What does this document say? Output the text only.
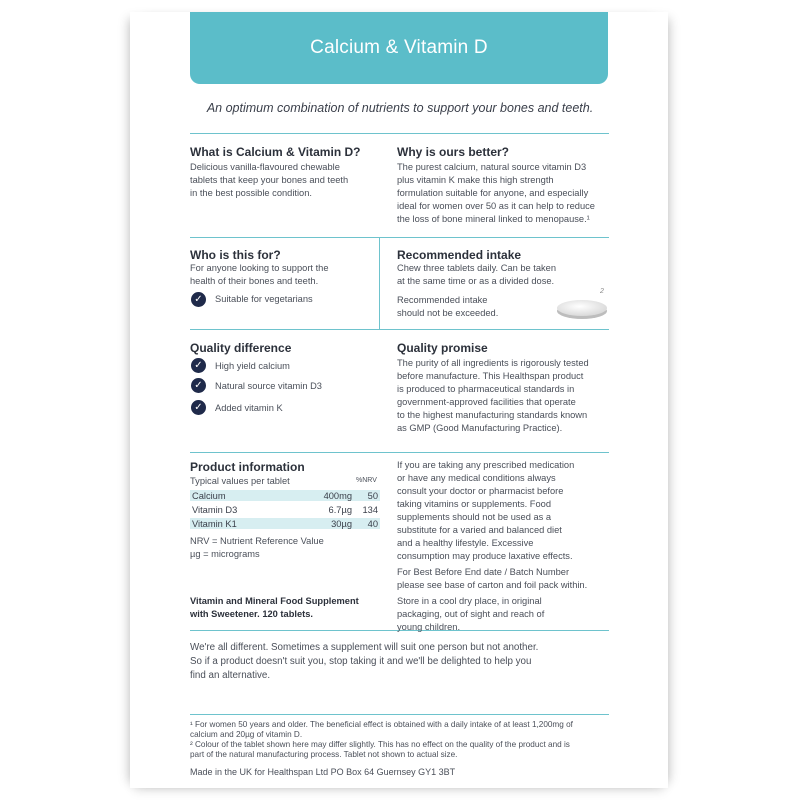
Calcium & Vitamin D
An optimum combination of nutrients to support your bones and teeth.
What is Calcium & Vitamin D?
Delicious vanilla-flavoured chewable
tablets that keep your bones and teeth
in the best possible condition.
Why is ours better?
The purest calcium, natural source vitamin D3
plus vitamin K make this high strength
formulation suitable for anyone, and especially
ideal for women over 50 as it can help to reduce
the loss of bone mineral linked to menopause.¹
Who is this for?
For anyone looking to support the
health of their bones and teeth.
✓	Suitable for vegetarians
Recommended intake
Chew three tablets daily. Can be taken
at the same time or as a divided dose.
Recommended intake
should not be exceeded.
2
Quality difference
✓	High yield calcium
✓	Natural source vitamin D3
✓	Added vitamin K
Quality promise
The purity of all ingredients is rigorously tested
before manufacture. This Healthspan product
is produced to pharmaceutical standards in
government-approved facilities that operate
to the highest manufacturing standards known
as GMP (Good Manufacturing Practice).
Product information
Typical values per tablet	%NRV
Calcium	400mg	50
Vitamin D3	6.7µg	134
Vitamin K1	30µg	40
NRV = Nutrient Reference Value
µg = micrograms
Vitamin and Mineral Food Supplement
with Sweetener. 120 tablets.
If you are taking any prescribed medication
or have any medical conditions always
consult your doctor or pharmacist before
taking vitamins or supplements. Food
supplements should not be used as a
substitute for a varied and balanced diet
and a healthy lifestyle. Excessive
consumption may produce laxative effects.
For Best Before End date / Batch Number
please see base of carton and foil pack within.
Store in a cool dry place, in original
packaging, out of sight and reach of
young children.
We're all different. Sometimes a supplement will suit one person but not another.
So if a product doesn't suit you, stop taking it and we'll be delighted to help you
find an alternative.
¹ For women 50 years and older. The beneficial effect is obtained with a daily intake of at least 1,200mg of
calcium and 20µg of vitamin D.
² Colour of the tablet shown here may differ slightly. This has no effect on the quality of the product and is
part of the natural manufacturing process. Tablet not shown to actual size.
Made in the UK for Healthspan Ltd PO Box 64 Guernsey GY1 3BT
